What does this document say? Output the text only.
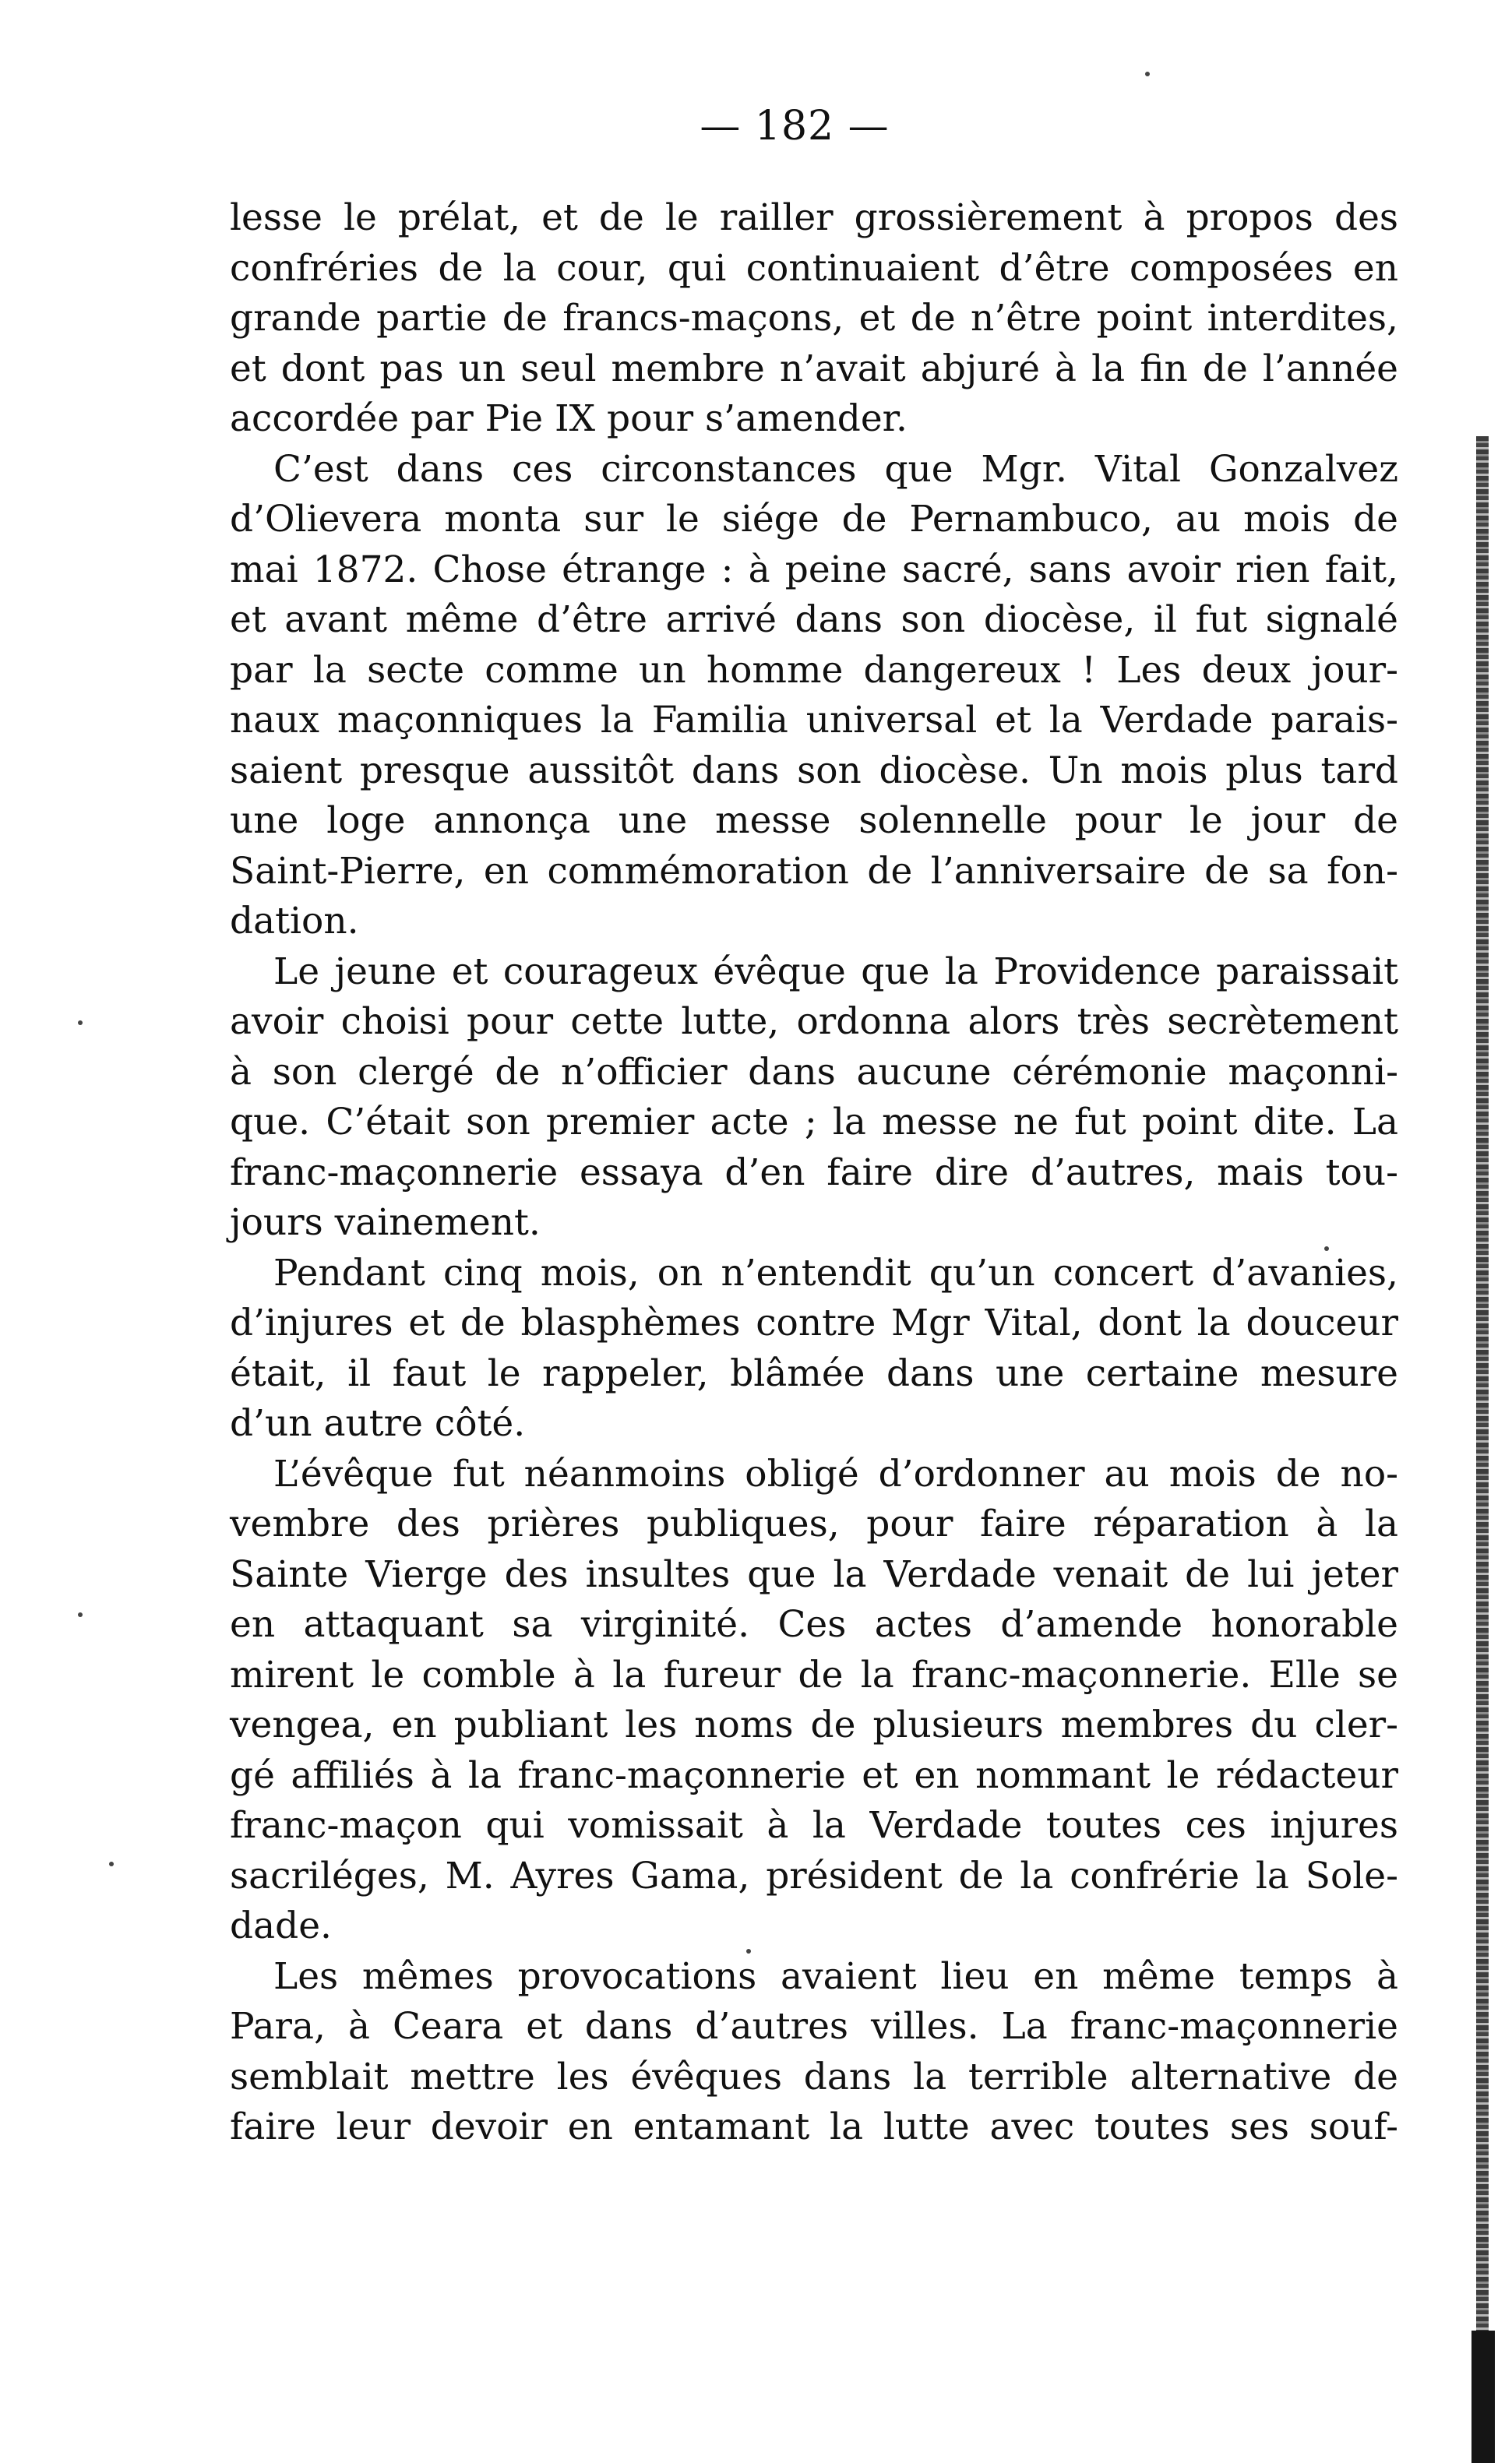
— 182 —
lesse le prélat, et de le railler grossièrement à propos des
confréries de la cour, qui continuaient d’être composées en
grande partie de francs-maçons, et de n’être point interdites,
et dont pas un seul membre n’avait abjuré à la fin de l’année
accordée par Pie IX pour s’amender.
C’est dans ces circonstances que Mgr. Vital Gonzalvez
d’Olievera monta sur le siége de Pernambuco, au mois de
mai 1872. Chose étrange : à peine sacré, sans avoir rien fait,
et avant même d’être arrivé dans son diocèse, il fut signalé
par la secte comme un homme dangereux ! Les deux jour-
naux maçonniques la Familia universal et la Verdade parais-
saient presque aussitôt dans son diocèse. Un mois plus tard
une loge annonça une messe solennelle pour le jour de
Saint-Pierre, en commémoration de l’anniversaire de sa fon-
dation.
Le jeune et courageux évêque que la Providence paraissait
avoir choisi pour cette lutte, ordonna alors très secrètement
à son clergé de n’officier dans aucune cérémonie maçonni-
que. C’était son premier acte ; la messe ne fut point dite. La
franc-maçonnerie essaya d’en faire dire d’autres, mais tou-
jours vainement.
Pendant cinq mois, on n’entendit qu’un concert d’avanies,
d’injures et de blasphèmes contre Mgr Vital, dont la douceur
était, il faut le rappeler, blâmée dans une certaine mesure
d’un autre côté.
L’évêque fut néanmoins obligé d’ordonner au mois de no-
vembre des prières publiques, pour faire réparation à la
Sainte Vierge des insultes que la Verdade venait de lui jeter
en attaquant sa virginité. Ces actes d’amende honorable
mirent le comble à la fureur de la franc-maçonnerie. Elle se
vengea, en publiant les noms de plusieurs membres du cler-
gé affiliés à la franc-maçonnerie et en nommant le rédacteur
franc-maçon qui vomissait à la Verdade toutes ces injures
sacriléges, M. Ayres Gama, président de la confrérie la Sole-
dade.
Les mêmes provocations avaient lieu en même temps à
Para, à Ceara et dans d’autres villes. La franc-maçonnerie
semblait mettre les évêques dans la terrible alternative de
faire leur devoir en entamant la lutte avec toutes ses souf-
